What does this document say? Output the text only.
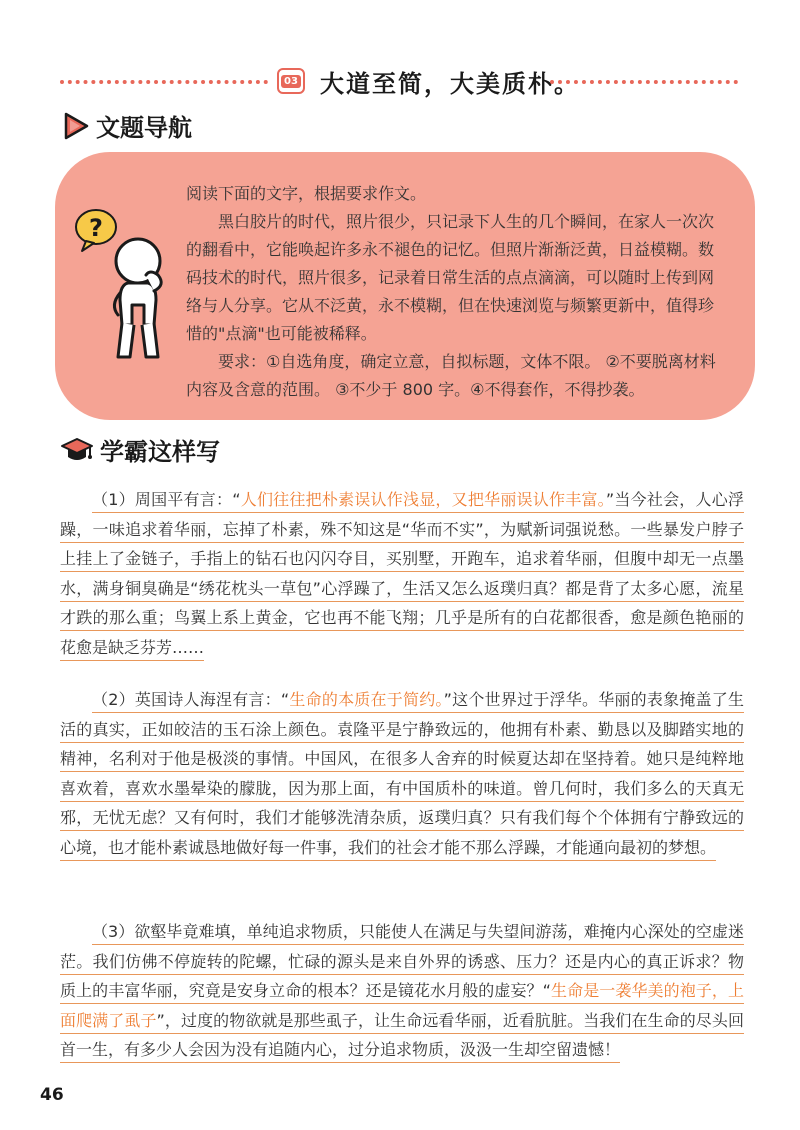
03 大道至简，大美质朴。
文题导航
?

阅读下面的文字，根据要求作文。

黑白胶片的时代，照片很少，只记录下人生的几个瞬间，在家人一次次的翻看中，它能唤起许多永不褪色的记忆。但照片渐渐泛黄，日益模糊。数码技术的时代，照片很多，记录着日常生活的点点滴滴，可以随时上传到网络与人分享。它从不泛黄，永不模糊，但在快速浏览与频繁更新中，值得珍惜的"点滴"也可能被稀释。

要求：①自选角度，确定立意，自拟标题，文体不限。 ②不要脱离材料内容及含意的范围。 ③不少于 800 字。④不得套作，不得抄袭。

学霸这样写
（1）周国平有言：“人们往往把朴素误认作浅显，又把华丽误认作丰富。”当今社会，人心浮躁，一味追求着华丽，忘掉了朴素，殊不知这是“华而不实”，为赋新词强说愁。一些暴发户脖子上挂上了金链子，手指上的钻石也闪闪夺目，买别墅，开跑车，追求着华丽，但腹中却无一点墨水，满身铜臭确是“绣花枕头一草包”心浮躁了，生活又怎么返璞归真？都是背了太多心愿，流星才跌的那么重；鸟翼上系上黄金，它也再不能飞翔；几乎是所有的白花都很香，愈是颜色艳丽的花愈是缺乏芬芳……
（2）英国诗人海涅有言：“生命的本质在于简约。”这个世界过于浮华。华丽的表象掩盖了生活的真实，正如皎洁的玉石涂上颜色。袁隆平是宁静致远的，他拥有朴素、勤恳以及脚踏实地的精神，名利对于他是极淡的事情。中国风，在很多人舍弃的时候夏达却在坚持着。她只是纯粹地喜欢着，喜欢水墨晕染的朦胧，因为那上面，有中国质朴的味道。曾几何时，我们多么的天真无邪，无忧无虑？又有何时，我们才能够洗清杂质，返璞归真？只有我们每个个体拥有宁静致远的心境，也才能朴素诚恳地做好每一件事，我们的社会才能不那么浮躁，才能通向最初的梦想。
（3）欲壑毕竟难填，单纯追求物质，只能使人在满足与失望间游荡，难掩内心深处的空虚迷茫。我们仿佛不停旋转的陀螺，忙碌的源头是来自外界的诱惑、压力？还是内心的真正诉求？物质上的丰富华丽，究竟是安身立命的根本？还是镜花水月般的虚妄？“生命是一袭华美的袍子，上面爬满了虱子”，过度的物欲就是那些虱子，让生命远看华丽，近看肮脏。当我们在生命的尽头回首一生，有多少人会因为没有追随内心，过分追求物质，汲汲一生却空留遗憾！
46
